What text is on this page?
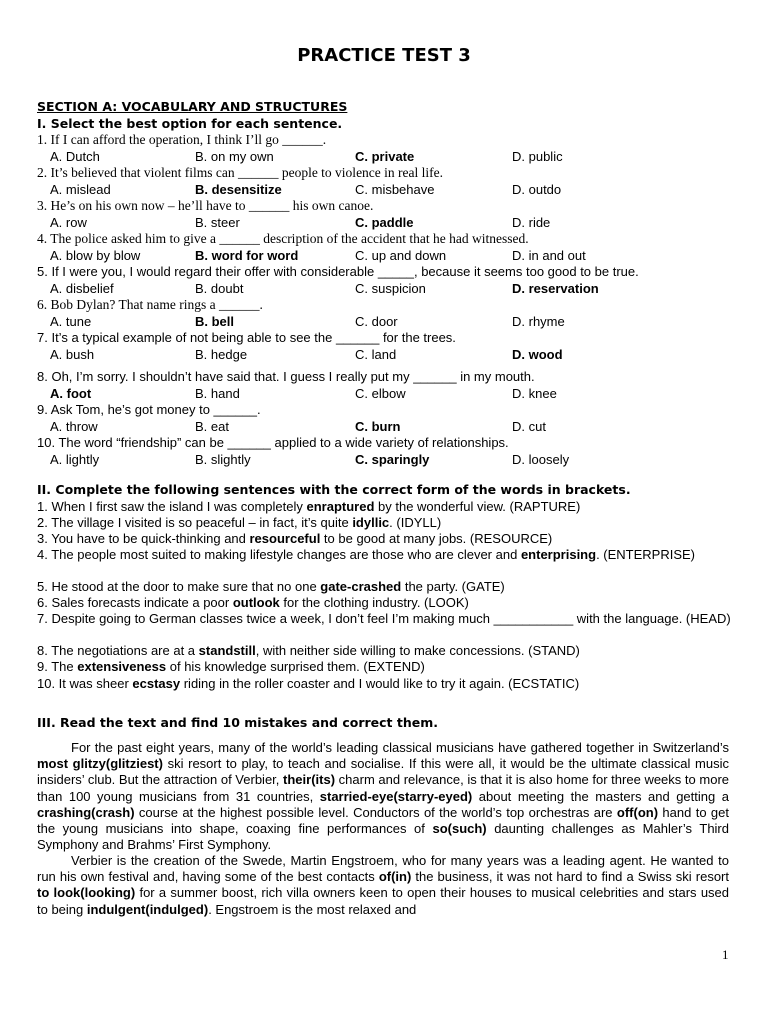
PRACTICE TEST 3
SECTION A: VOCABULARY AND STRUCTURES
I. Select the best option for each sentence.
1. If I can afford the operation, I think I’ll go ______.
A. Dutch	B. on my own	C. private	D. public
2. It’s believed that violent films can ______ people to violence in real life.
A. mislead	B. desensitize	C. misbehave	D. outdo
3. He’s on his own now – he’ll have to ______ his own canoe.
A. row	B. steer	C. paddle	D. ride
4. The police asked him to give a ______ description of the accident that he had witnessed.
A. blow by blow	B. word for word	C. up and down	D. in and out
5. If I were you, I would regard their offer with considerable _____, because it seems too good to be true.
A. disbelief	B. doubt	C. suspicion	D. reservation
6. Bob Dylan? That name rings a ______.
A. tune	B. bell	C. door	D. rhyme
7. It’s a typical example of not being able to see the ______ for the trees.
A. bush	B. hedge	C. land	D. wood
8. Oh, I’m sorry. I shouldn’t have said that. I guess I really put my ______ in my mouth.
A. foot	B. hand	C. elbow	D. knee
9. Ask Tom, he’s got money to ______.
A. throw	B. eat	C. burn	D. cut
10. The word “friendship” can be ______ applied to a wide variety of relationships.
A. lightly	B. slightly	C. sparingly	D. loosely
II. Complete the following sentences with the correct form of the words in brackets.
1. When I first saw the island I was completely enraptured by the wonderful view. (RAPTURE)
2. The village I visited is so peaceful – in fact, it’s quite idyllic. (IDYLL)
3. You have to be quick-thinking and resourceful to be good at many jobs. (RESOURCE)
4. The people most suited to making lifestyle changes are those who are clever and enterprising. (ENTERPRISE)
5. He stood at the door to make sure that no one gate-crashed the party. (GATE)
6. Sales forecasts indicate a poor outlook for the clothing industry. (LOOK)
7. Despite going to German classes twice a week, I don’t feel I’m making much ___________ with the language. (HEAD)
8. The negotiations are at a standstill, with neither side willing to make concessions. (STAND)
9. The extensiveness of his knowledge surprised them. (EXTEND)
10. It was sheer ecstasy riding in the roller coaster and I would like to try it again. (ECSTATIC)
III. Read the text and find 10 mistakes and correct them.
For the past eight years, many of the world’s leading classical musicians have gathered together in Switzerland’s most glitzy(glitziest) ski resort to play, to teach and socialise. If this were all, it would be the ultimate classical music insiders’ club. But the attraction of Verbier, their(its) charm and relevance, is that it is also home for three weeks to more than 100 young musicians from 31 countries, starried-eye(starry-eyed) about meeting the masters and getting a crashing(crash) course at the highest possible level. Conductors of the world’s top orchestras are off(on) hand to get the young musicians into shape, coaxing fine performances of so(such) daunting challenges as Mahler’s Third Symphony and Brahms’ First Symphony.
Verbier is the creation of the Swede, Martin Engstroem, who for many years was a leading agent. He wanted to run his own festival and, having some of the best contacts of(in) the business, it was not hard to find a Swiss ski resort to look(looking) for a summer boost, rich villa owners keen to open their houses to musical celebrities and stars used to being indulgent(indulged). Engstroem is the most relaxed and
1
